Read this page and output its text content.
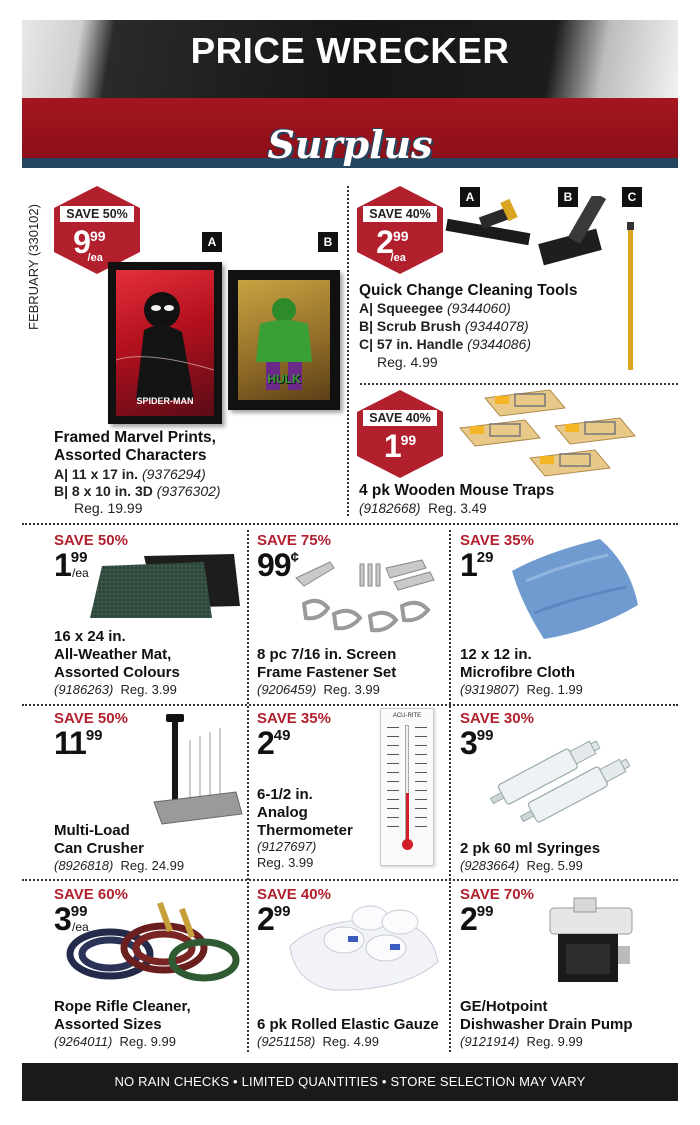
PRICE WRECKER
Surplus
FEBRUARY (330102)	SAVE 50%
$9^{99}_{/ea}$
A	B
SPIDER-MAN
HULK
Framed Marvel Prints,
Assorted Characters
A| 11 x 17 in. (9376294)
B| 8 x 10 in. 3D (9376302)
Reg. 19.99
SAVE 40%
$2^{99}_{/ea}$
A	B	C
Quick Change Cleaning Tools
A| Squeegee (9344060)
B| Scrub Brush (9344078)
C| 57 in. Handle (9344086)
Reg. 4.99
SAVE 40%
$1^{99}$
4 pk Wooden Mouse Traps
(9182668) Reg. 3.49
SAVE 50%
$1^{99}$
/ea
16 x 24 in.
All-Weather Mat,
Assorted Colours
(9186263) Reg. 3.99
SAVE 75%
99¢
8 pc 7/16 in. Screen
Frame Fastener Set
(9206459) Reg. 3.99
SAVE 35%
$1^{29}$
12 x 12 in.
Microfibre Cloth
(9319807) Reg. 1.99
SAVE 50%
$11^{99}$
Multi-Load
Can Crusher
(8926818) Reg. 24.99
SAVE 35%
$2^{49}$
ACU-RITE
6-1/2 in.
Analog
Thermometer
(9127697)
Reg. 3.99
SAVE 30%
$3^{99}$
2 pk 60 ml Syringes
(9283664) Reg. 5.99
SAVE 60%
$3^{99}$
/ea
Rope Rifle Cleaner,
Assorted Sizes
(9264011) Reg. 9.99
SAVE 40%
$2^{99}$
6 pk Rolled Elastic Gauze
(9251158) Reg. 4.99
SAVE 70%
$2^{99}$
GE/Hotpoint
Dishwasher Drain Pump
(9121914) Reg. 9.99
NO RAIN CHECKS • LIMITED QUANTITIES • STORE SELECTION MAY VARY
